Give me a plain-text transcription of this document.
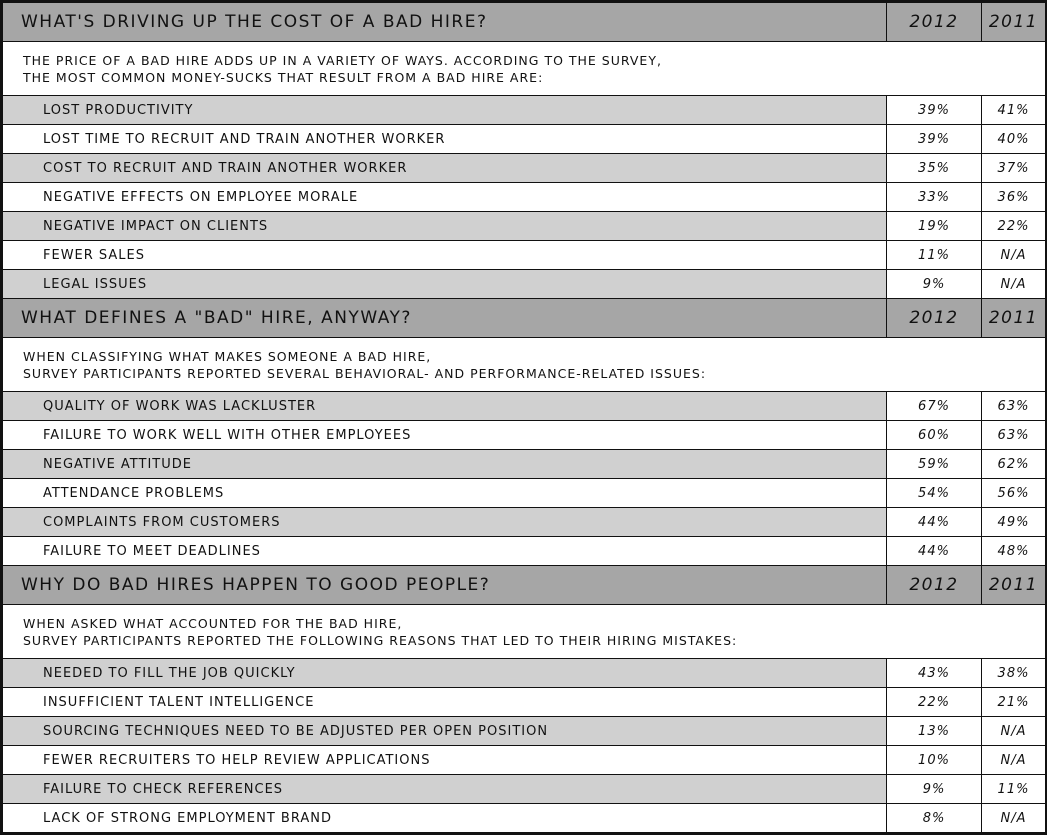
WHAT'S DRIVING UP THE COST OF A BAD HIRE?	2012	2011

THE PRICE OF A BAD HIRE ADDS UP IN A VARIETY OF WAYS. ACCORDING TO THE SURVEY,
THE MOST COMMON MONEY-SUCKS THAT RESULT FROM A BAD HIRE ARE:		

LOST PRODUCTIVITY	39%	41%
LOST TIME TO RECRUIT AND TRAIN ANOTHER WORKER	39%	40%
COST TO RECRUIT AND TRAIN ANOTHER WORKER	35%	37%
NEGATIVE EFFECTS ON EMPLOYEE MORALE	33%	36%
NEGATIVE IMPACT ON CLIENTS	19%	22%
FEWER SALES	11%	N/A
LEGAL ISSUES	9%	N/A
WHAT DEFINES A "BAD" HIRE, ANYWAY?	2012	2011

WHEN CLASSIFYING WHAT MAKES SOMEONE A BAD HIRE,
SURVEY PARTICIPANTS REPORTED SEVERAL BEHAVIORAL- AND PERFORMANCE-RELATED ISSUES:		

QUALITY OF WORK WAS LACKLUSTER	67%	63%
FAILURE TO WORK WELL WITH OTHER EMPLOYEES	60%	63%
NEGATIVE ATTITUDE	59%	62%
ATTENDANCE PROBLEMS	54%	56%
COMPLAINTS FROM CUSTOMERS	44%	49%
FAILURE TO MEET DEADLINES	44%	48%
WHY DO BAD HIRES HAPPEN TO GOOD PEOPLE?	2012	2011

WHEN ASKED WHAT ACCOUNTED FOR THE BAD HIRE,
SURVEY PARTICIPANTS REPORTED THE FOLLOWING REASONS THAT LED TO THEIR HIRING MISTAKES:		

NEEDED TO FILL THE JOB QUICKLY	43%	38%
INSUFFICIENT TALENT INTELLIGENCE	22%	21%
SOURCING TECHNIQUES NEED TO BE ADJUSTED PER OPEN POSITION	13%	N/A
FEWER RECRUITERS TO HELP REVIEW APPLICATIONS	10%	N/A
FAILURE TO CHECK REFERENCES	9%	11%
LACK OF STRONG EMPLOYMENT BRAND	8%	N/A
